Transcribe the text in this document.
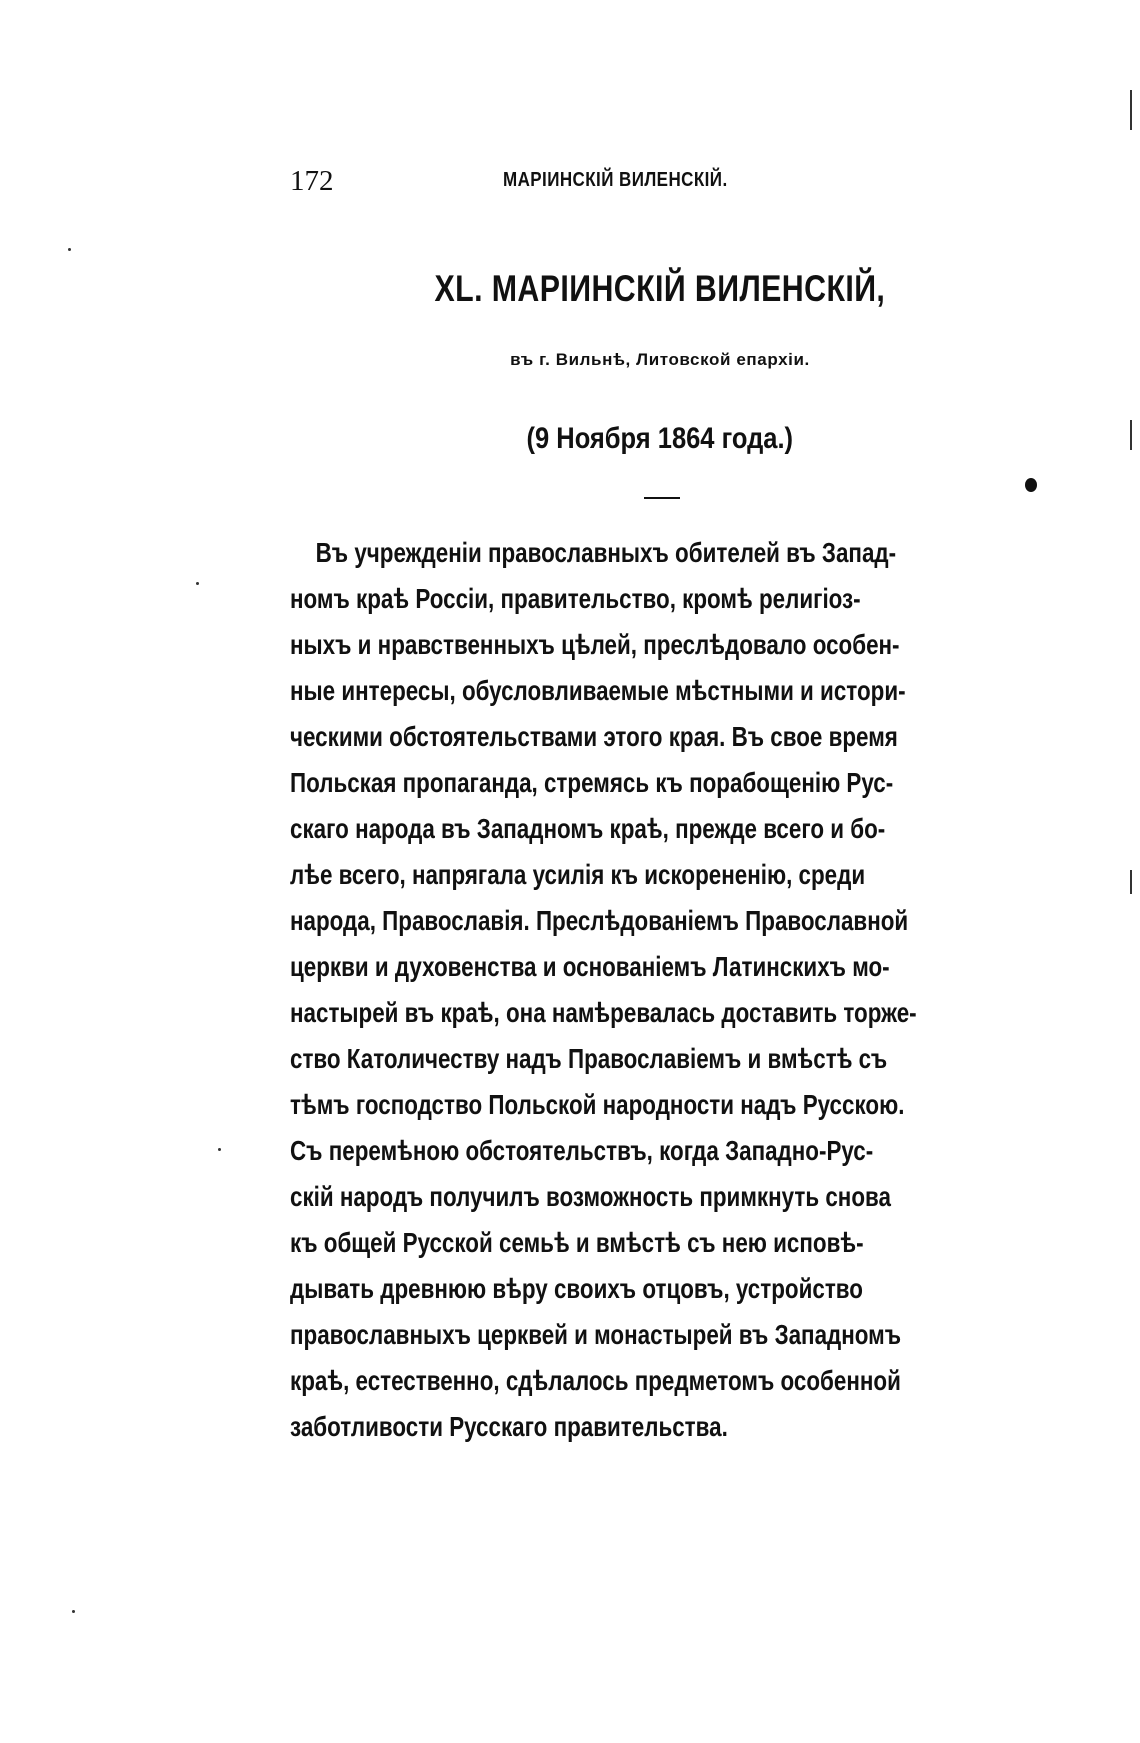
172	МАРІИНСКІЙ ВИЛЕНСКІЙ.
XL. МАРІИНСКІЙ ВИЛЕНСКІЙ,
въ г. Вильнѣ, Литовской епархіи.
(9 Ноября 1864 года.)
Въ учрежденіи православныхъ обителей въ Запад-
номъ краѣ Россіи, правительство, кромѣ религіоз-
ныхъ и нравственныхъ цѣлей, преслѣдовало особен-
ные интересы, обусловливаемые мѣстными и истори-
ческими обстоятельствами этого края. Въ свое время
Польская пропаганда, стремясь къ порабощенію Рус-
скаго народа въ Западномъ краѣ, прежде всего и бо-
лѣе всего, напрягала усилія къ искорененію, среди
народа, Православія. Преслѣдованіемъ Православной
церкви и духовенства и основаніемъ Латинскихъ мо-
настырей въ краѣ, она намѣревалась доставить торже-
ство Католичеству надъ Православіемъ и вмѣстѣ съ
тѣмъ господство Польской народности надъ Русскою.
Съ перемѣною обстоятельствъ, когда Западно-Рус-
скій народъ получилъ возможность примкнуть снова
къ общей Русской семьѣ и вмѣстѣ съ нею исповѣ-
дывать древнюю вѣру своихъ отцовъ, устройство
православныхъ церквей и монастырей въ Западномъ
краѣ, естественно, сдѣлалось предметомъ особенной
заботливости Русскаго правительства.
